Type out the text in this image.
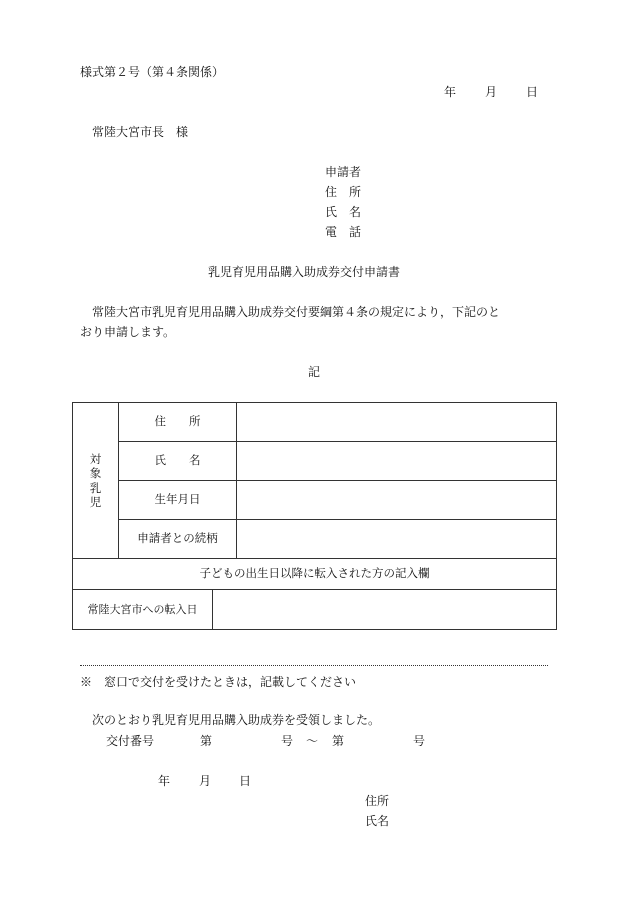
様式第２号（第４条関係）
年 月 日
常陸大宮市長　様
申請者
住　所
氏　名
電　話
乳児育児用品購入助成券交付申請書
常陸大宮市乳児育児用品購入助成券交付要綱第４条の規定により，下記のと
おり申請します。
記
対
象
乳
児	住　　所	
	氏　　名	
	生年月日	
	申請者との続柄	
子どもの出生日以降に転入された方の記入欄		
常陸大宮市への転入日	
※　窓口で交付を受けたときは，記載してください
次のとおり乳児育児用品購入助成券を受領しました。
交付番号	第	号 ～ 第	号
年 月 日
住所
氏名
